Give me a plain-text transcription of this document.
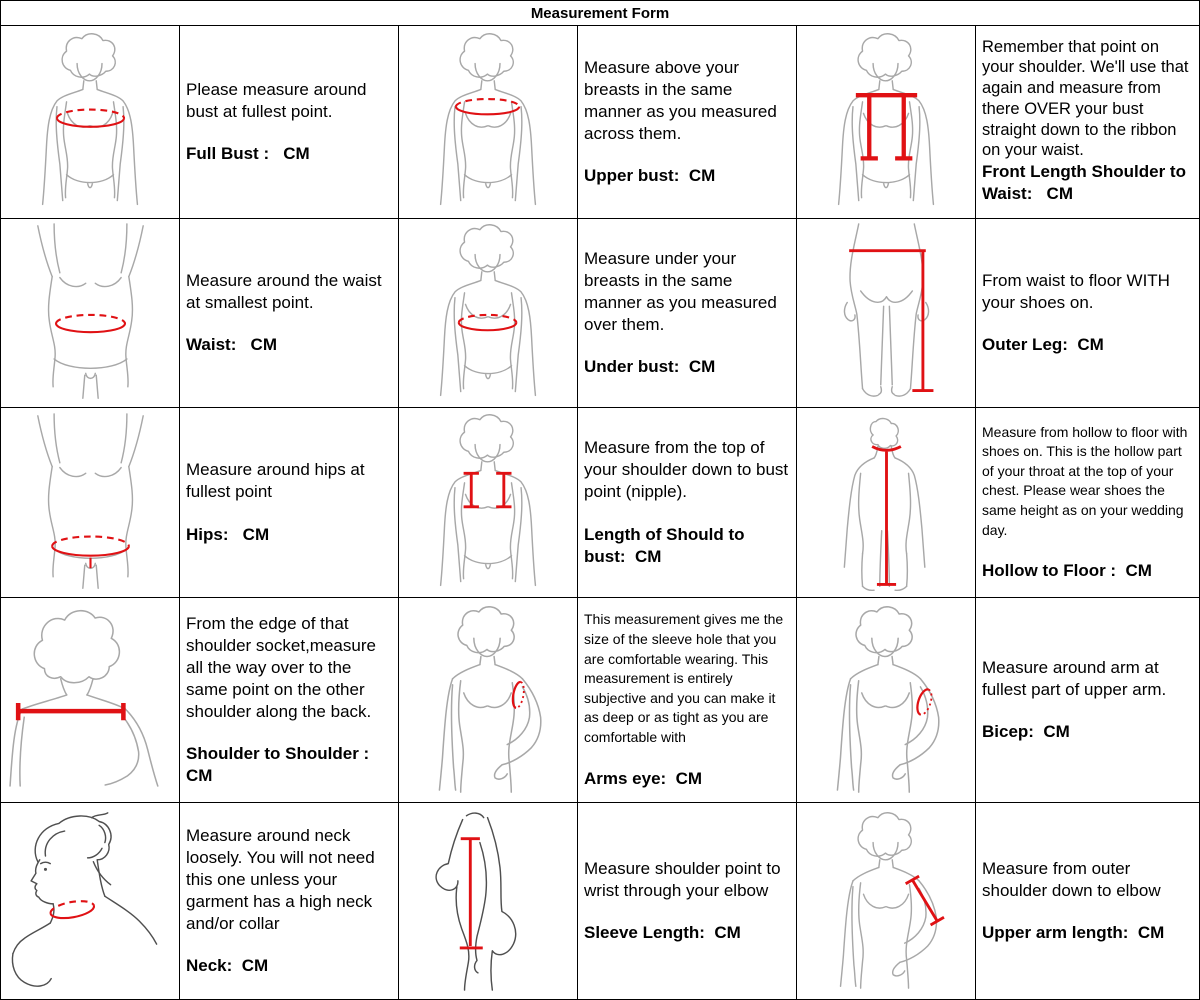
Measurement Form
Please measure around bust at fullest point.
Full Bust :   CM
Measure above your breasts in the same manner as you measured across them.
Upper bust:  CM
Remember that point on your shoulder. We'll use that again and measure from there OVER your bust straight down to the ribbon on your waist.
Front Length Shoulder to Waist:   CM
Measure around the waist at smallest point.
Waist:   CM
Measure under your breasts in the same manner as you measured over them.
Under bust:  CM
From waist to floor WITH your shoes on.
Outer Leg:  CM
Measure around hips at fullest point
Hips:   CM
Measure from the top of your shoulder down to bust point (nipple).
Length of Should to bust:  CM
Measure from hollow to floor with shoes on. This is the hollow part of your throat at the top of your chest. Please wear shoes the same height as on your wedding day.
Hollow to Floor :  CM
From the edge of that shoulder socket,measure all the way over to the same point on the other shoulder along the back.
Shoulder to Shoulder : CM
This measurement gives me the size of the sleeve hole that you are comfortable wearing. This measurement is entirely subjective and you can make it as deep or as tight as you are comfortable with
Arms eye:  CM
Measure around arm at fullest part of upper arm.
Bicep:  CM
Measure around neck loosely. You will not need this one unless your garment has a high neck and/or collar
Neck:  CM
Measure shoulder point to wrist through your elbow
Sleeve Length:  CM
Measure from outer shoulder down to elbow
Upper arm length:  CM
